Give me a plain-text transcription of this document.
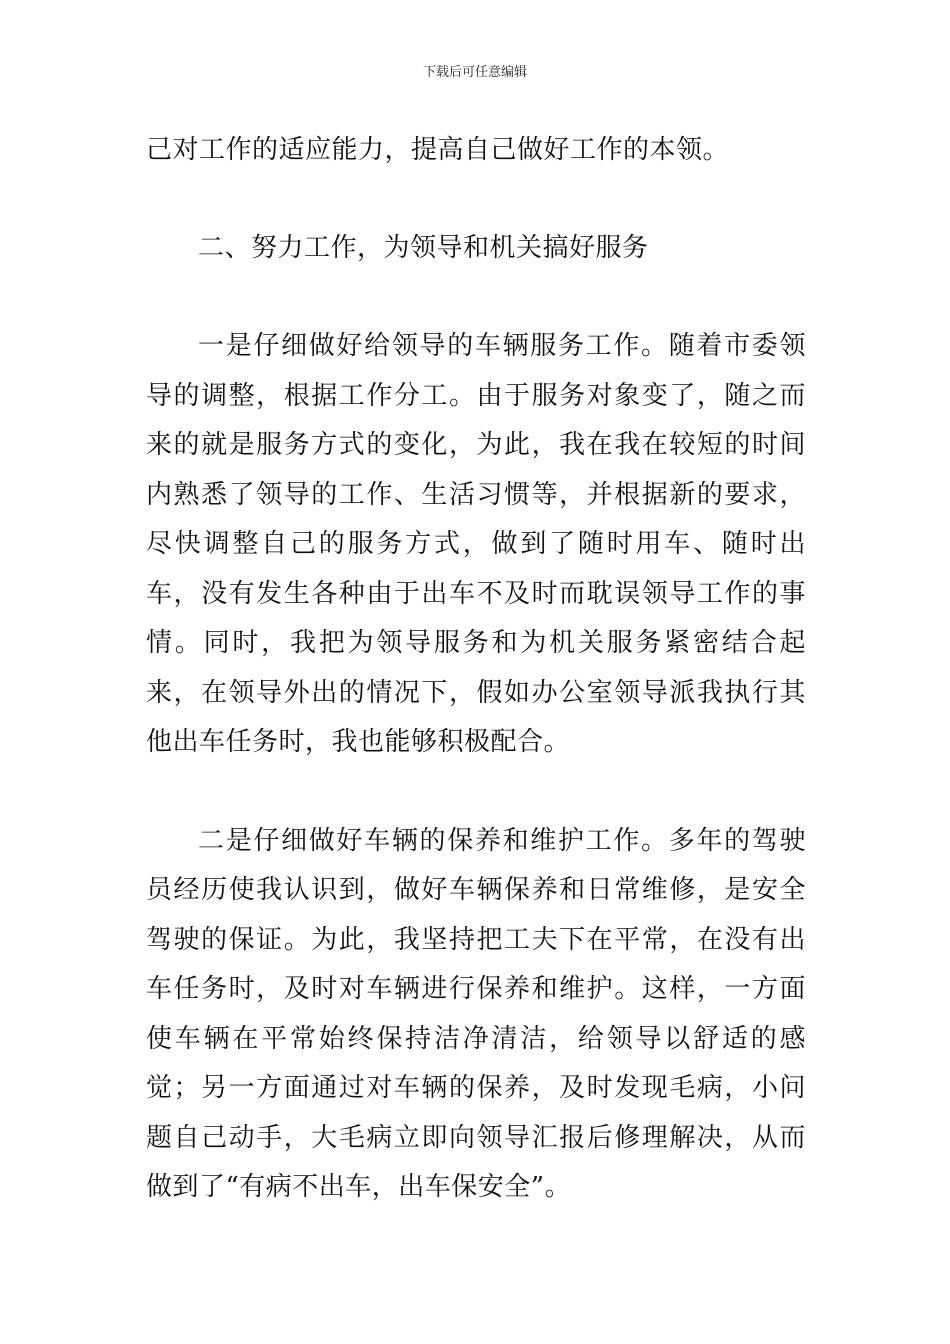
下载后可任意编辑

己对工作的适应能力，提高自己做好工作的本领。

二、努力工作，为领导和机关搞好服务

一是仔细做好给领导的车辆服务工作。随着市委领导的调整，根据工作分工。由于服务对象变了，随之而来的就是服务方式的变化，为此，我在我在较短的时间内熟悉了领导的工作、生活习惯等，并根据新的要求，尽快调整自己的服务方式，做到了随时用车、随时出车，没有发生各种由于出车不及时而耽误领导工作的事情。同时，我把为领导服务和为机关服务紧密结合起来，在领导外出的情况下，假如办公室领导派我执行其他出车任务时，我也能够积极配合。

二是仔细做好车辆的保养和维护工作。多年的驾驶员经历使我认识到，做好车辆保养和日常维修，是安全驾驶的保证。为此，我坚持把工夫下在平常，在没有出车任务时，及时对车辆进行保养和维护。这样，一方面使车辆在平常始终保持洁净清洁，给领导以舒适的感觉；另一方面通过对车辆的保养，及时发现毛病，小问题自己动手，大毛病立即向领导汇报后修理解决，从而做到了“有病不出车，出车保安全”。
